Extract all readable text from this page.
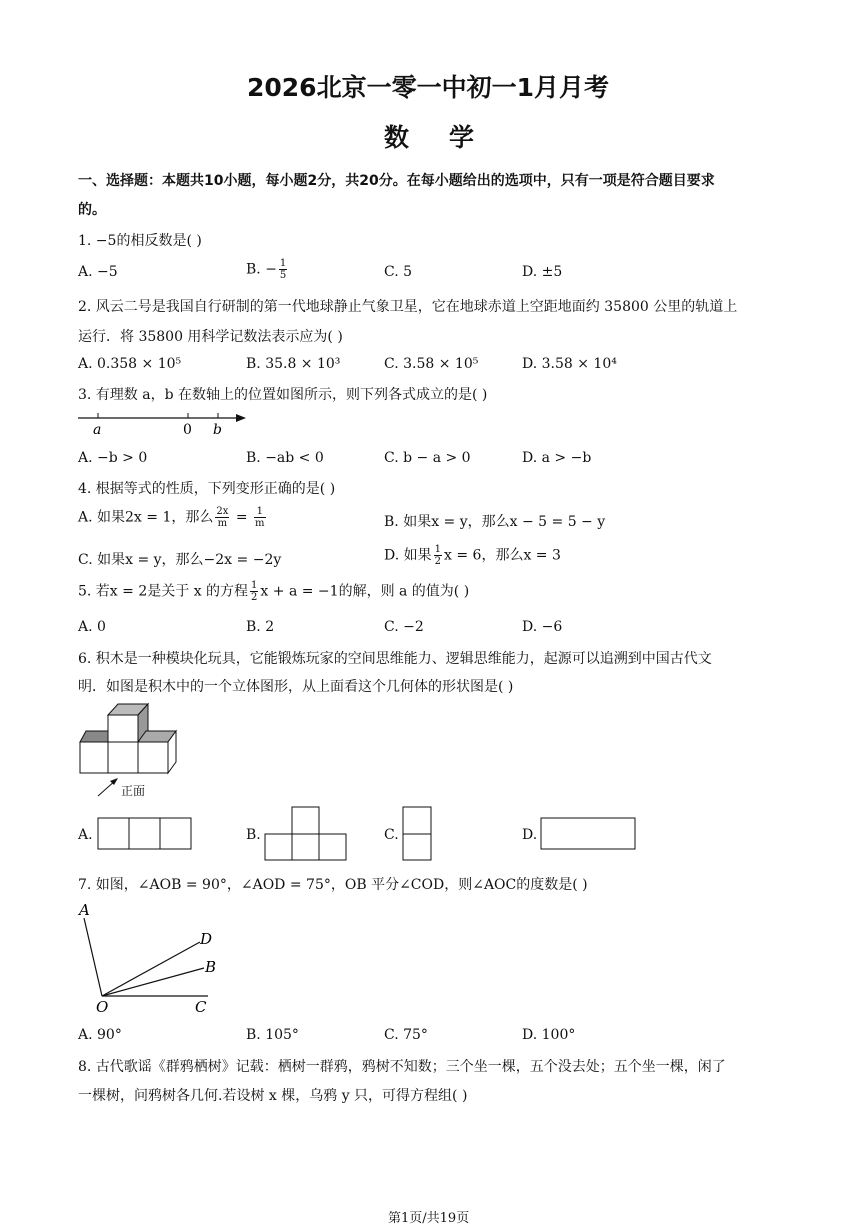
2026北京一零一中初一1月月考
数学
一、选择题：本题共10小题，每小题2分，共20分。在每小题给出的选项中，只有一项是符合题目要求
的。
1. −5的相反数是( )
A. −5	B. − $\frac{1}{5}$	C. 5	D. ±5
2. 风云二号是我国自行研制的第一代地球静止气象卫星，它在地球赤道上空距地面约 35800 公里的轨道上
运行．将 35800 用科学记数法表示应为( )
A. 0.358 × 10⁵	B. 35.8 × 10³	C. 3.58 × 10⁵	D. 3.58 × 10⁴
3. 有理数 a，b 在数轴上的位置如图所示，则下列各式成立的是( )
a	0 b
A. −b > 0	B. −ab < 0	C. b − a > 0	D. a > −b
4. 根据等式的性质，下列变形正确的是( )
A. 如果2x = 1，那么 $\frac{2x}{m} = \frac{1}{m}$	B. 如果x = y，那么x − 5 = 5 − y
C. 如果x = y，那么−2x = −2y	D. 如果 $\frac{1}{2}$ x = 6，那么x = 3
5. 若x = 2是关于 x 的方程 $\frac{1}{2}$ x + a = −1的解，则 a 的值为( )
A. 0	B. 2	C. −2	D. −6
6. 积木是一种模块化玩具，它能锻炼玩家的空间思维能力、逻辑思维能力，起源可以追溯到中国古代文
明．如图是积木中的一个立体图形，从上面看这个几何体的形状图是( )
正面
A.	B.	C.	D.
7. 如图，∠AOB = 90°，∠AOD = 75°，OB 平分∠COD，则∠AOC的度数是( )
A
D
B
O	C
A. 90°	B. 105°	C. 75°	D. 100°
8. 古代歌谣《群鸦栖树》记载：栖树一群鸦，鸦树不知数；三个坐一棵，五个没去处；五个坐一棵，闲了
一棵树，问鸦树各几何.若设树 x 棵，乌鸦 y 只，可得方程组( )
第1页/共19页
